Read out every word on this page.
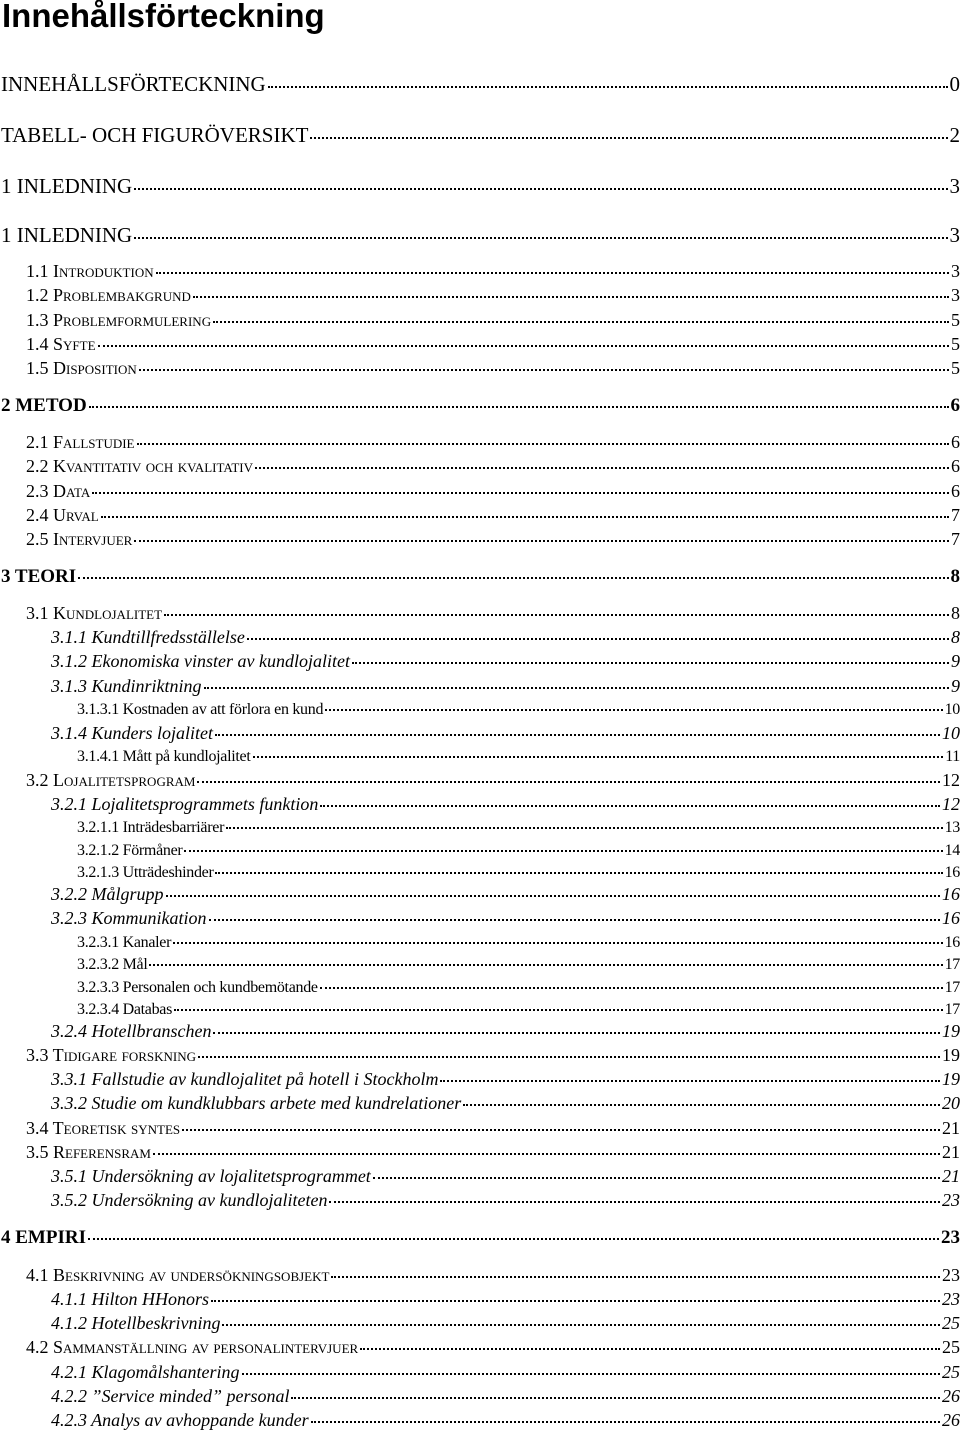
Innehållsförteckning
INNEHÅLLSFÖRTECKNING	0
TABELL- OCH FIGURÖVERSIKT	2
1 INLEDNING	3
1 INLEDNING	3
1.1 Introduktion	3
1.2 Problembakgrund	3
1.3 Problemformulering	5
1.4 Syfte	5
1.5 Disposition	5
2 METOD	6
2.1 Fallstudie	6
2.2 Kvantitativ och kvalitativ	6
2.3 Data	6
2.4 Urval	7
2.5 Intervjuer	7
3 TEORI	8
3.1 Kundlojalitet	8
3.1.1 Kundtillfredsställelse	8
3.1.2 Ekonomiska vinster av kundlojalitet	9
3.1.3 Kundinriktning	9
3.1.3.1 Kostnaden av att förlora en kund	10
3.1.4 Kunders lojalitet	10
3.1.4.1 Mått på kundlojalitet	11
3.2 Lojalitetsprogram	12
3.2.1 Lojalitetsprogrammets funktion	12
3.2.1.1 Inträdesbarriärer	13
3.2.1.2 Förmåner	14
3.2.1.3 Utträdeshinder	16
3.2.2 Målgrupp	16
3.2.3 Kommunikation	16
3.2.3.1 Kanaler	16
3.2.3.2 Mål	17
3.2.3.3 Personalen och kundbemötande	17
3.2.3.4 Databas	17
3.2.4 Hotellbranschen	19
3.3 Tidigare forskning	19
3.3.1 Fallstudie av kundlojalitet på hotell i Stockholm	19
3.3.2 Studie om kundklubbars arbete med kundrelationer	20
3.4 Teoretisk syntes	21
3.5 Referensram	21
3.5.1 Undersökning av lojalitetsprogrammet	21
3.5.2 Undersökning av kundlojaliteten	23
4 EMPIRI	23
4.1 Beskrivning av undersökningsobjekt	23
4.1.1 Hilton HHonors	23
4.1.2 Hotellbeskrivning	25
4.2 Sammanställning av personalintervjuer	25
4.2.1 Klagomålshantering	25
4.2.2 ”Service minded” personal	26
4.2.3 Analys av avhoppande kunder	26
